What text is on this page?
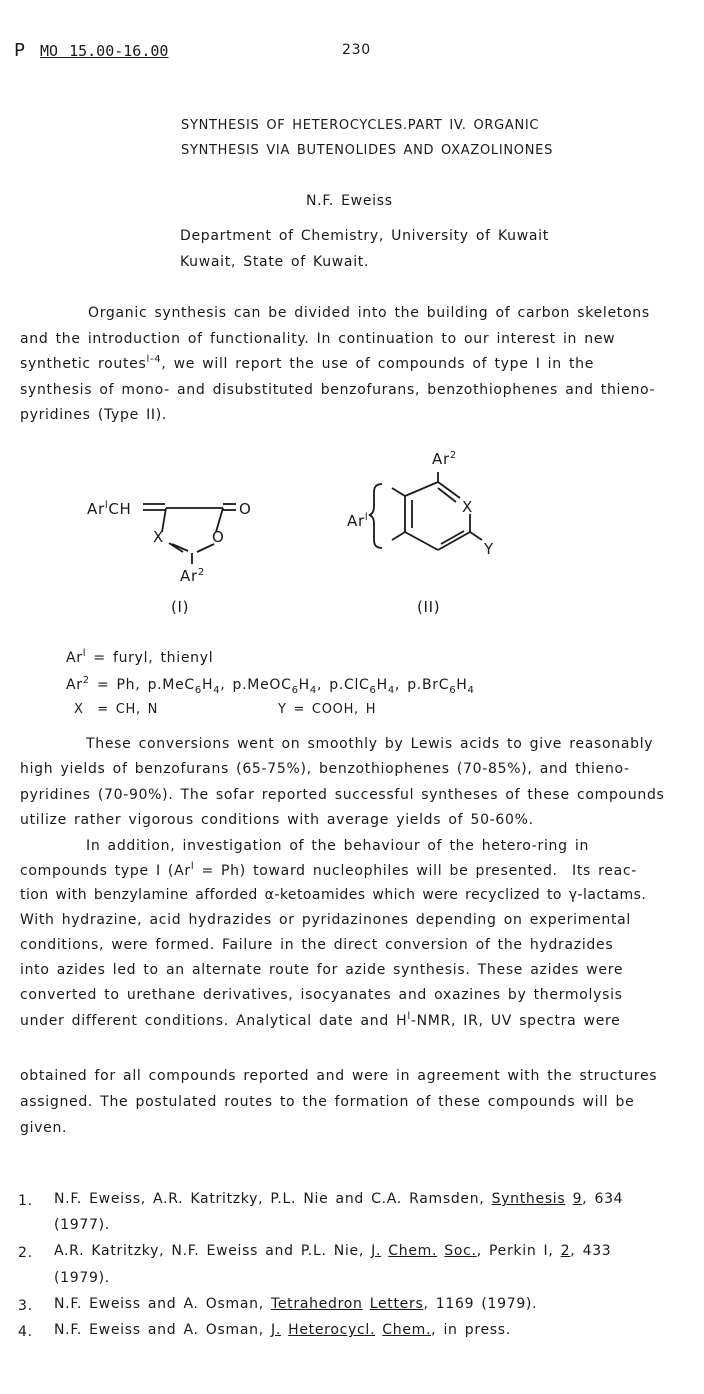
P MO 15.00-16.00	230
SYNTHESIS OF HETEROCYCLES.PART IV. ORGANIC
SYNTHESIS VIA BUTENOLIDES AND OXAZOLINONES
N.F. Eweiss
Department of Chemistry, University of Kuwait
Kuwait, State of Kuwait.
Organic synthesis can be divided into the building of carbon skeletons
and the introduction of functionality. In continuation to our interest in new
synthetic routes$^{l-4}$, we will report the use of compounds of type I in the
synthesis of mono- and disubstituted benzofurans, benzothiophenes and thieno-
pyridines (Type II).
Ar$^l$CH	O
X	O
Ar$^2$
(I)
Ar$^2$
X
Ar$^l$
Y
(II)
$Ar^l$ = furyl, thienyl
$Ar^2 = Ph$, $p.MeC_6H_4$, $p.MeOC_6H_4$, $p.ClC_6H_4$, $p.BrC_6H_4$
X = CH, N	Y = COOH, H
These conversions went on smoothly by Lewis acids to give reasonably
high yields of benzofurans (65-75%), benzothiophenes (70-85%), and thieno-
pyridines (70-90%). The sofar reported successful syntheses of these compounds
utilize rather vigorous conditions with average yields of 50-60%.
In addition, investigation of the behaviour of the hetero-ring in
compounds type I $(Ar^l = Ph)$ toward nucleophiles will be presented.  Its reac-
tion with benzylamine afforded α-ketoamides which were recyclized to γ-lactams.
With hydrazine, acid hydrazides or pyridazinones depending on experimental
conditions, were formed. Failure in the direct conversion of the hydrazides
into azides led to an alternate route for azide synthesis. These azides were
converted to urethane derivatives, isocyanates and oxazines by thermolysis
under different conditions. Analytical date and $H^l$-NMR, IR, UV spectra were
obtained for all compounds reported and were in agreement with the structures
assigned. The postulated routes to the formation of these compounds will be
given.
1. N.F. Eweiss, A.R. Katritzky, P.L. Nie and C.A. Ramsden, Synthesis 9, 634
(1977).
2. A.R. Katritzky, N.F. Eweiss and P.L. Nie, J. Chem. Soc., Perkin I, 2, 433
(1979).
3. N.F. Eweiss and A. Osman, Tetrahedron Letters, 1169 (1979).
4. N.F. Eweiss and A. Osman, J. Heterocycl. Chem., in press.
